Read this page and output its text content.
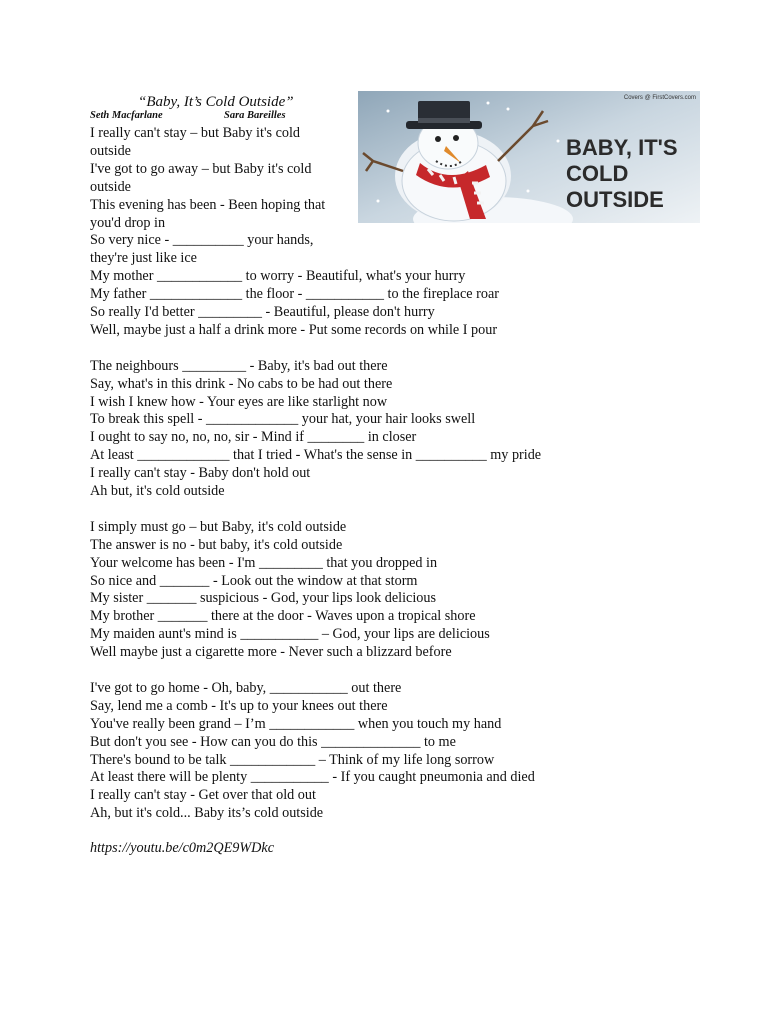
“Baby, It’s Cold Outside”
Seth Macfarlane	Sara Bareilles
Covers @ FirstCovers.com
BABY, IT'S
COLD
OUTSIDE
I really can't stay – but Baby it's cold
outside
I've got to go away – but Baby it's cold
outside
This evening has been - Been hoping that
you'd drop in
So very nice - __________ your hands,
they're just like ice
My mother ____________ to worry - Beautiful, what's your hurry
My father _____________ the floor - ___________ to the fireplace roar
So really I'd better _________ - Beautiful, please don't hurry
Well, maybe just a half a drink more - Put some records on while I pour
The neighbours _________ - Baby, it's bad out there
Say, what's in this drink - No cabs to be had out there
I wish I knew how - Your eyes are like starlight now
To break this spell - _____________ your hat, your hair looks swell
I ought to say no, no, no, sir - Mind if ________ in closer
At least _____________ that I tried - What's the sense in __________ my pride
I really can't stay - Baby don't hold out
Ah but, it's cold outside
I simply must go – but Baby, it's cold outside
The answer is no - but baby, it's cold outside
Your welcome has been - I'm _________ that you dropped in
So nice and _______ - Look out the window at that storm
My sister _______ suspicious - God, your lips look delicious
My brother _______ there at the door - Waves upon a tropical shore
My maiden aunt's mind is ___________ – God, your lips are delicious
Well maybe just a cigarette more - Never such a blizzard before
I've got to go home - Oh, baby, ___________ out there
Say, lend me a comb - It's up to your knees out there
You've really been grand – I’m ____________ when you touch my hand
But don't you see - How can you do this ______________ to me
There's bound to be talk ____________ – Think of my life long sorrow
At least there will be plenty ___________ - If you caught pneumonia and died
I really can't stay - Get over that old out
Ah, but it's cold... Baby its’s cold outside
https://youtu.be/c0m2QE9WDkc
